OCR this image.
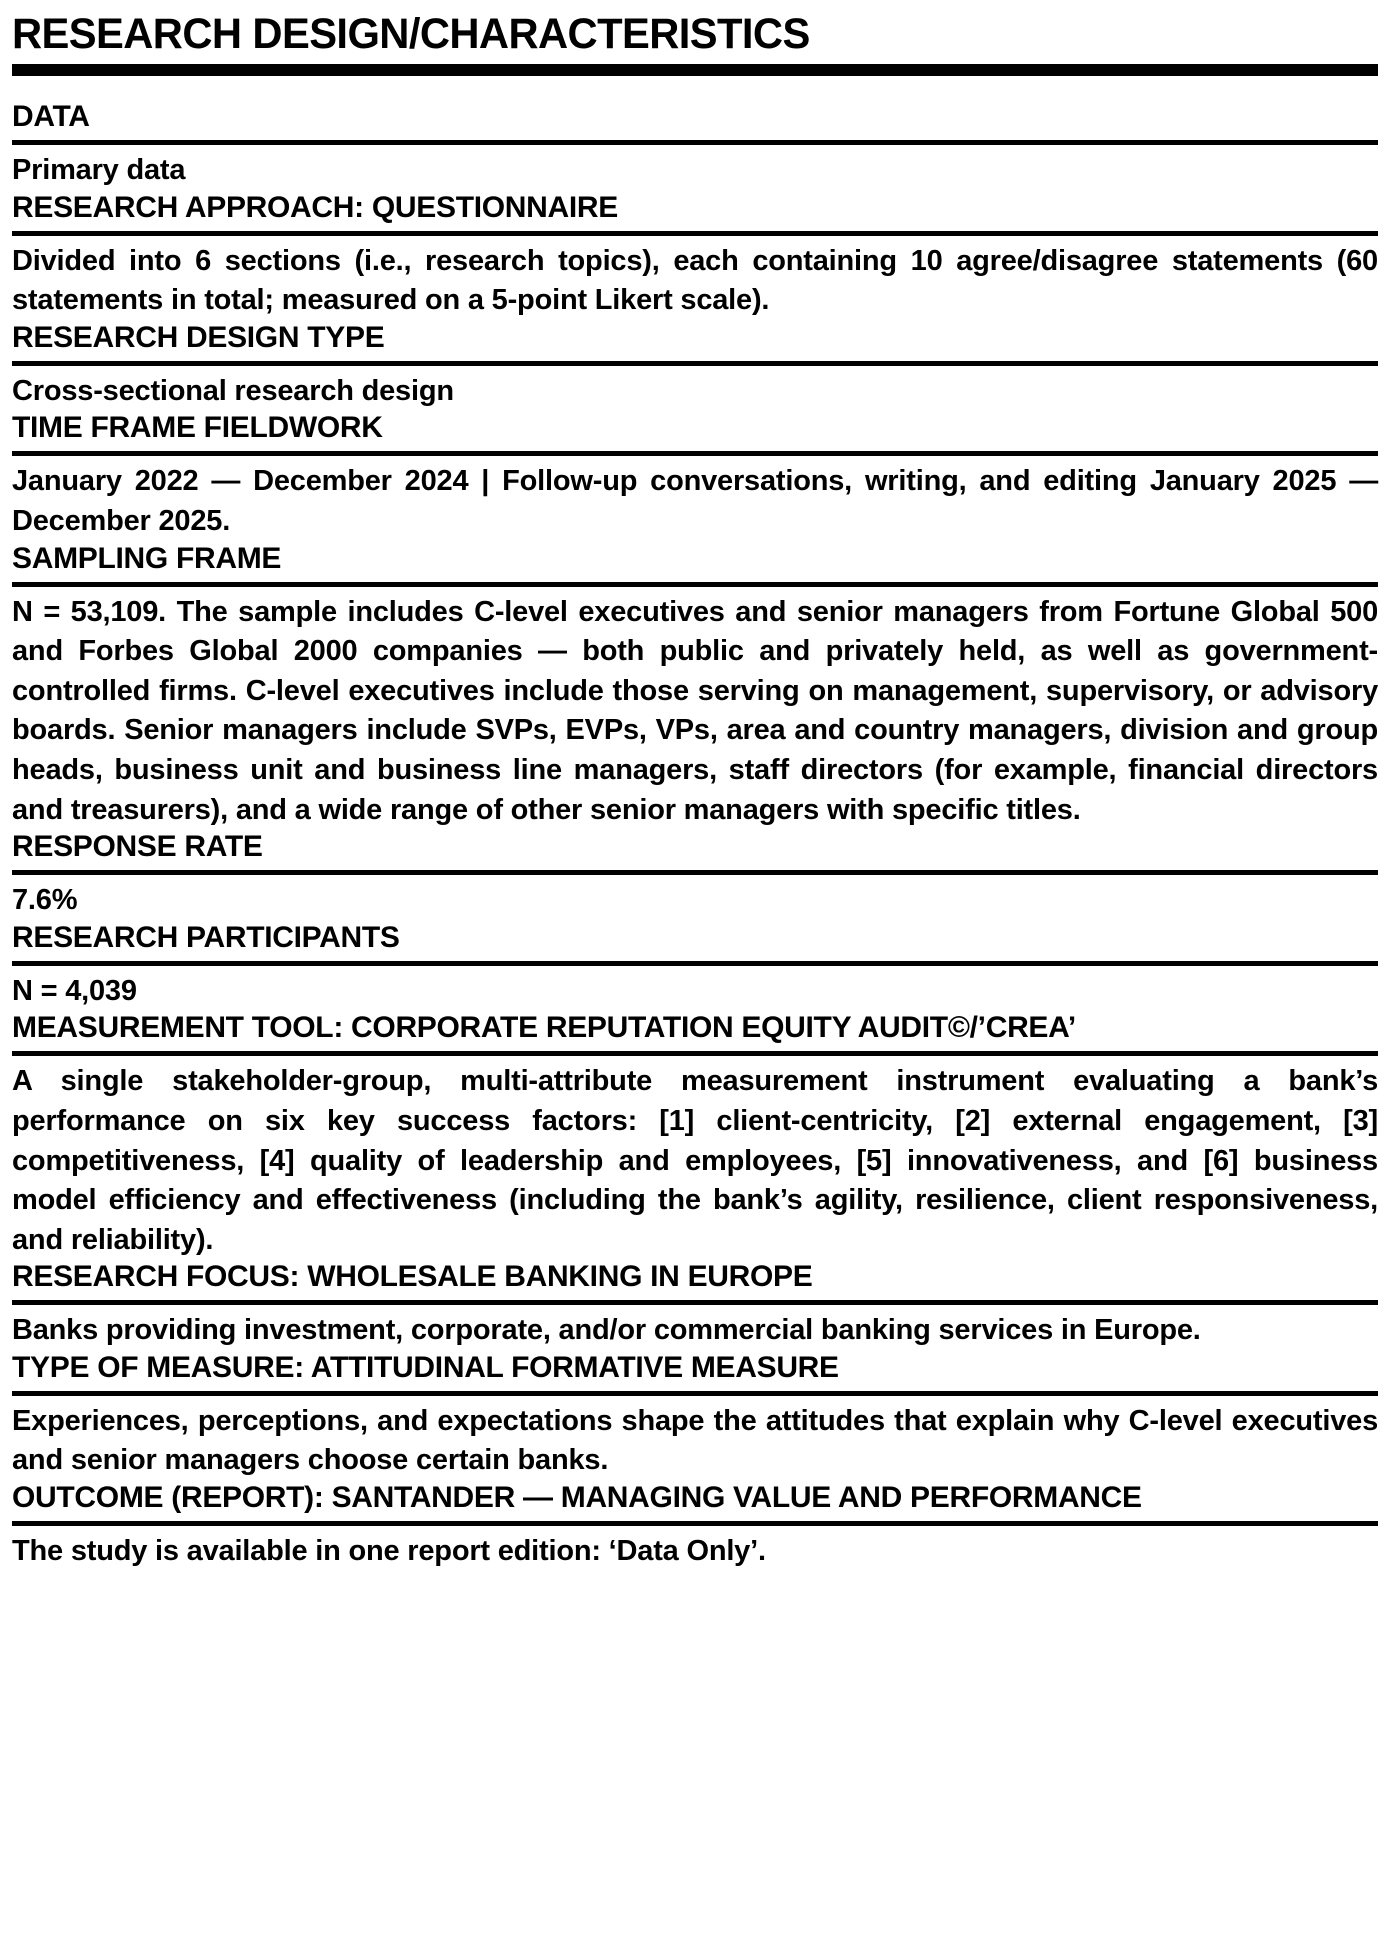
RESEARCH DESIGN/CHARACTERISTICS
DATA

Primary data

RESEARCH APPROACH: QUESTIONNAIRE

Divided into 6 sections (i.e., research topics), each containing 10 agree/disagree statements (60 statements in total; measured on a 5-point Likert scale).

RESEARCH DESIGN TYPE

Cross-sectional research design

TIME FRAME FIELDWORK

January 2022 — December 2024 | Follow-up conversations, writing, and editing January 2025 — December 2025.

SAMPLING FRAME

N = 53,109. The sample includes C-level executives and senior managers from Fortune Global 500 and Forbes Global 2000 companies — both public and privately held, as well as government-controlled firms. C-level executives include those serving on management, supervisory, or advisory boards. Senior managers include SVPs, EVPs, VPs, area and country managers, division and group heads, business unit and business line managers, staff directors (for example, financial directors and treasurers), and a wide range of other senior managers with specific titles.

RESPONSE RATE

7.6%

RESEARCH PARTICIPANTS

N = 4,039

MEASUREMENT TOOL: CORPORATE REPUTATION EQUITY AUDIT©/’CREA’

A single stakeholder-group, multi-attribute measurement instrument evaluating a bank’s performance on six key success factors: [1] client-centricity, [2] external engagement, [3] competitiveness, [4] quality of leadership and employees, [5] innovativeness, and [6] business model efficiency and effectiveness (including the bank’s agility, resilience, client responsiveness, and reliability).

RESEARCH FOCUS: WHOLESALE BANKING IN EUROPE

Banks providing investment, corporate, and/or commercial banking services in Europe.

TYPE OF MEASURE: ATTITUDINAL FORMATIVE MEASURE

Experiences, perceptions, and expectations shape the attitudes that explain why C-level executives and senior managers choose certain banks.

OUTCOME (REPORT): SANTANDER — MANAGING VALUE AND PERFORMANCE

The study is available in one report edition: ‘Data Only’.
